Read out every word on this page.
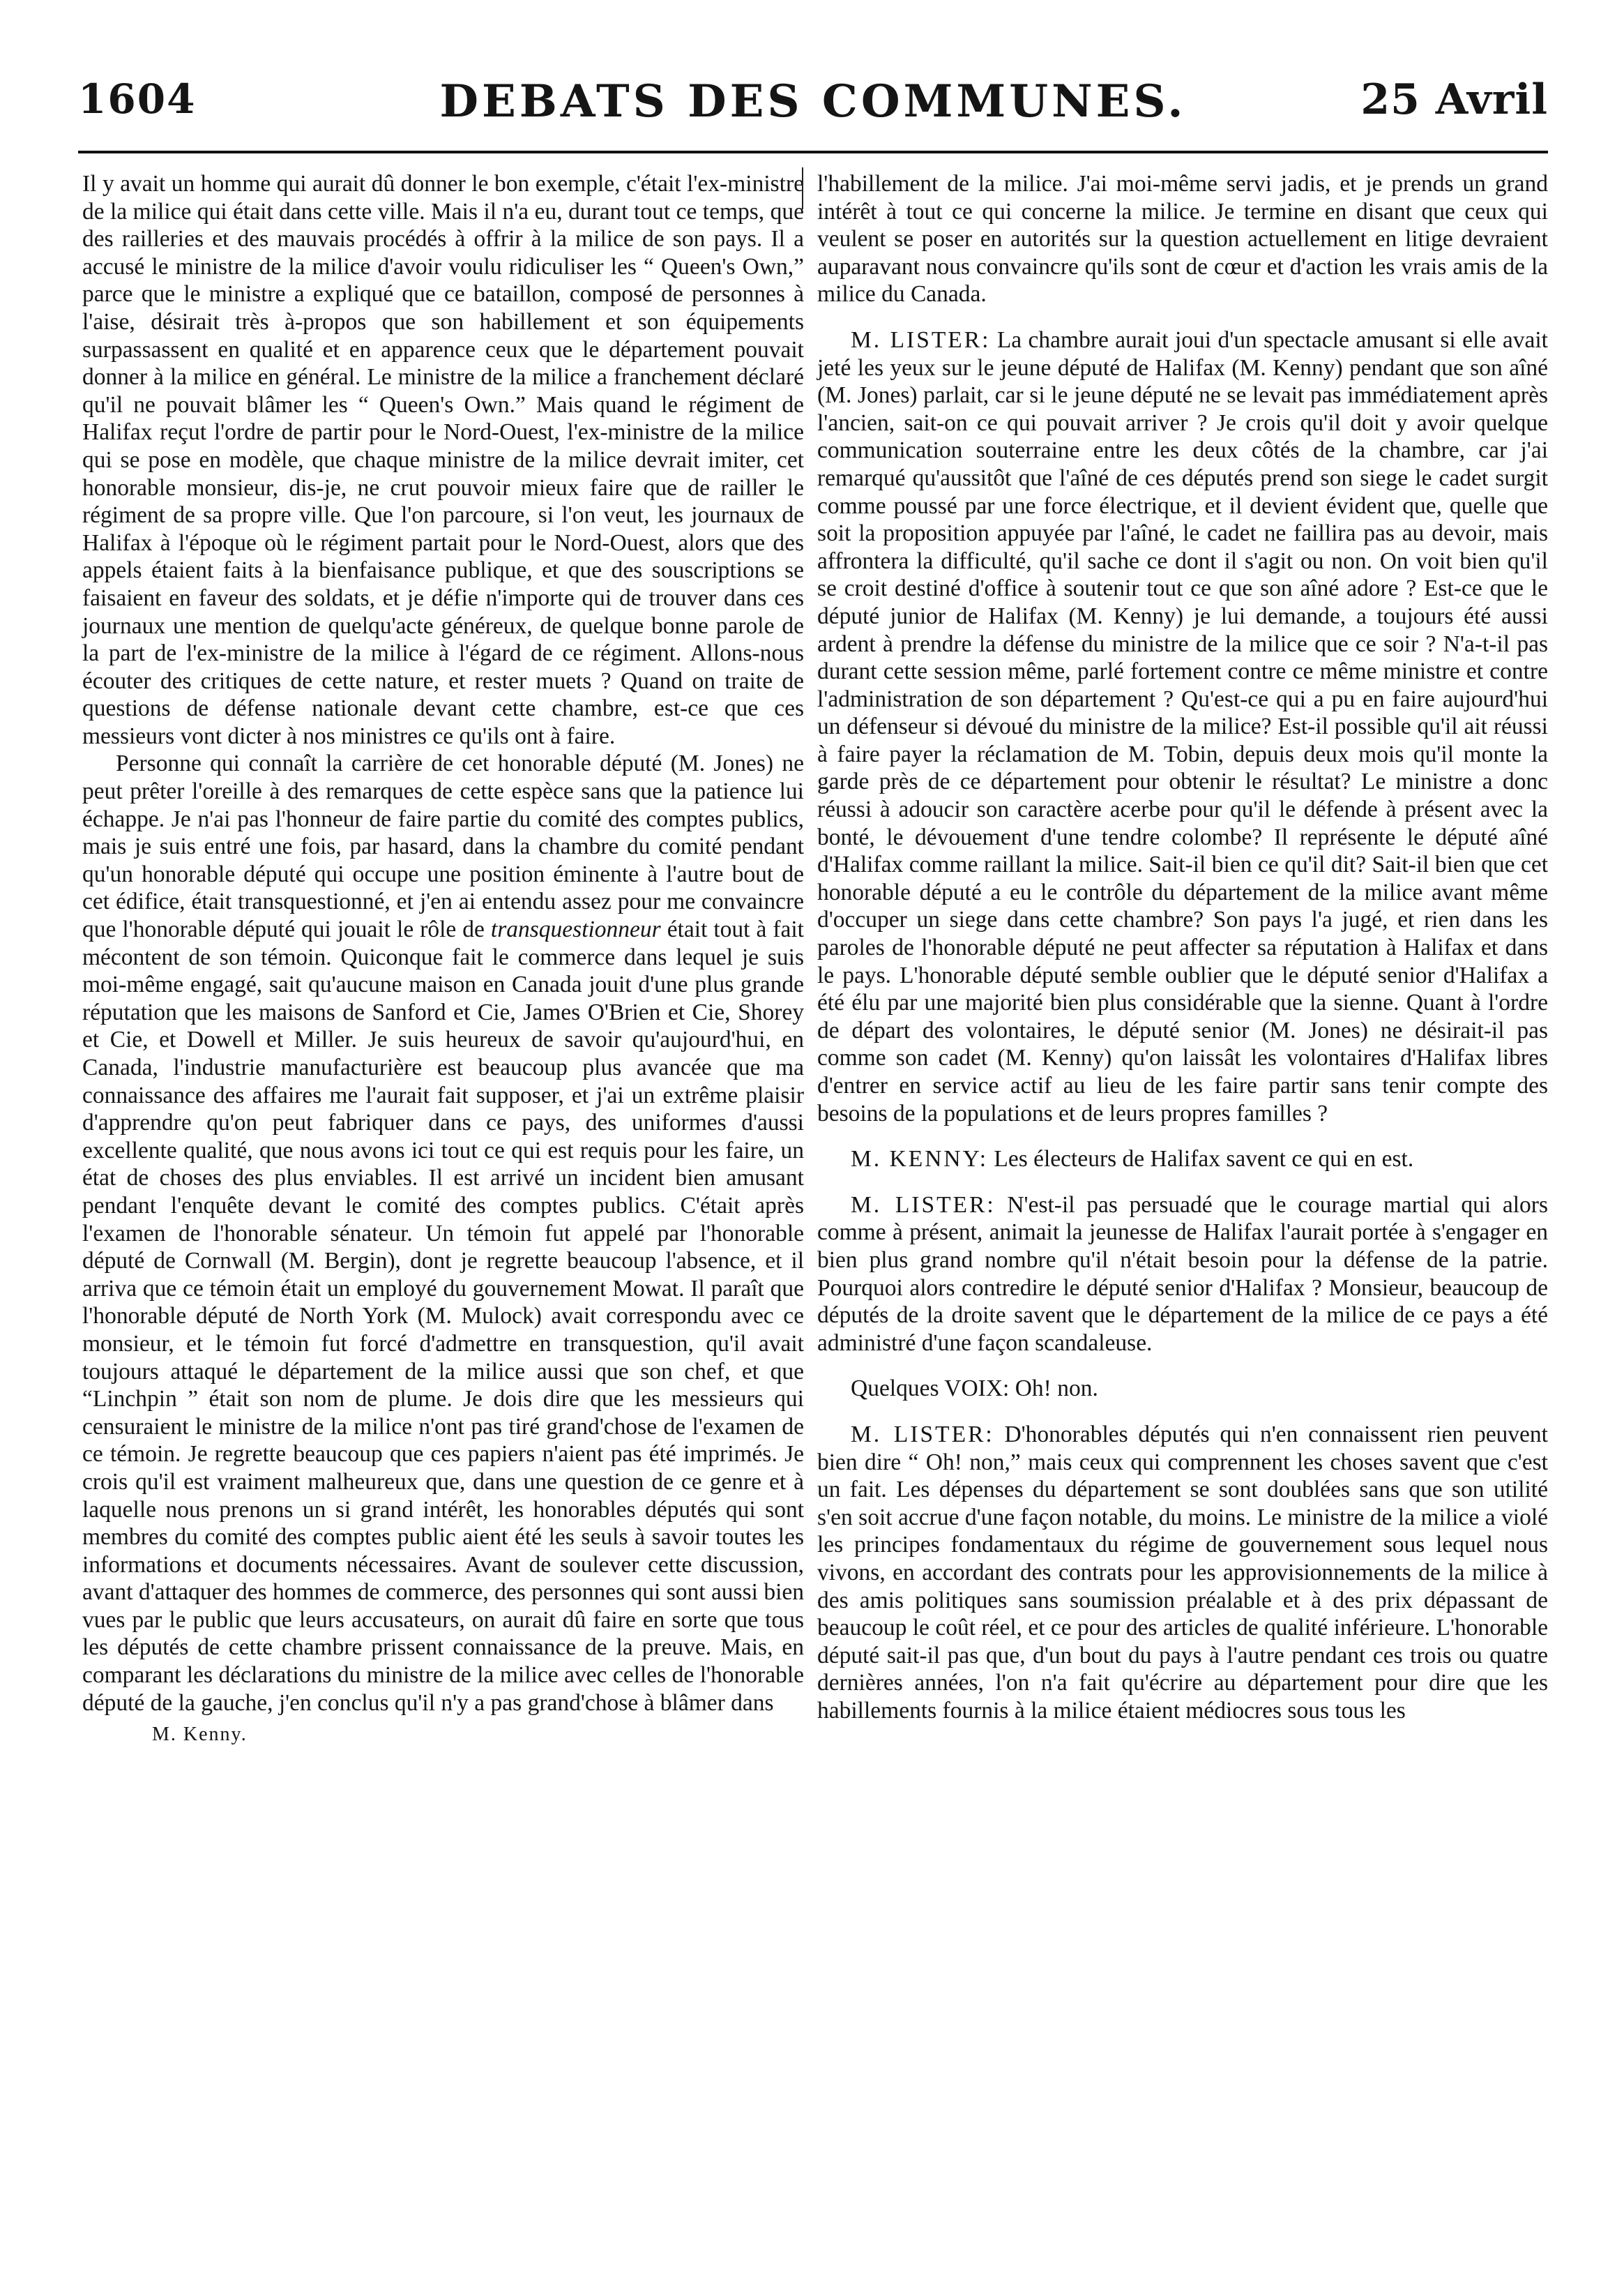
1604	DEBATS DES COMMUNES.	25 Avril

Il y avait un homme qui aurait dû donner le bon exemple, c'était l'ex-ministre de la milice qui était dans cette ville. Mais il n'a eu, durant tout ce temps, que des railleries et des mauvais procédés à offrir à la milice de son pays. Il a accusé le ministre de la milice d'avoir voulu ridiculiser les “ Queen's Own,” parce que le ministre a expliqué que ce bataillon, composé de personnes à l'aise, désirait très à-propos que son habillement et son équipements surpassassent en qualité et en apparence ceux que le département pouvait donner à la milice en général. Le ministre de la milice a franchement déclaré qu'il ne pouvait blâmer les “ Queen's Own.” Mais quand le régiment de Halifax reçut l'ordre de partir pour le Nord-Ouest, l'ex-ministre de la milice qui se pose en modèle, que chaque ministre de la milice devrait imiter, cet honorable monsieur, dis-je, ne crut pouvoir mieux faire que de railler le régiment de sa propre ville. Que l'on parcoure, si l'on veut, les journaux de Halifax à l'époque où le régiment partait pour le Nord-Ouest, alors que des appels étaient faits à la bienfaisance publique, et que des souscriptions se faisaient en faveur des soldats, et je défie n'importe qui de trouver dans ces journaux une mention de quelqu'acte généreux, de quelque bonne parole de la part de l'ex-ministre de la milice à l'égard de ce régiment. Allons-nous écouter des critiques de cette nature, et rester muets ? Quand on traite de questions de défense nationale devant cette chambre, est-ce que ces messieurs vont dicter à nos ministres ce qu'ils ont à faire.

Personne qui connaît la carrière de cet honorable député (M. Jones) ne peut prêter l'oreille à des remarques de cette espèce sans que la patience lui échappe. Je n'ai pas l'honneur de faire partie du comité des comptes publics, mais je suis entré une fois, par hasard, dans la chambre du comité pendant qu'un honorable député qui occupe une position éminente à l'autre bout de cet édifice, était transquestionné, et j'en ai entendu assez pour me convaincre que l'honorable député qui jouait le rôle de transquestionneur était tout à fait mécontent de son témoin. Quiconque fait le commerce dans lequel je suis moi-même engagé, sait qu'aucune maison en Canada jouit d'une plus grande réputation que les maisons de Sanford et Cie, James O'Brien et Cie, Shorey et Cie, et Dowell et Miller. Je suis heureux de savoir qu'aujourd'hui, en Canada, l'industrie manufacturière est beaucoup plus avancée que ma connaissance des affaires me l'aurait fait supposer, et j'ai un extrême plaisir d'apprendre qu'on peut fabriquer dans ce pays, des uniformes d'aussi excellente qualité, que nous avons ici tout ce qui est requis pour les faire, un état de choses des plus enviables. Il est arrivé un incident bien amusant pendant l'enquête devant le comité des comptes publics. C'était après l'examen de l'honorable sénateur. Un témoin fut appelé par l'honorable député de Cornwall (M. Bergin), dont je regrette beaucoup l'absence, et il arriva que ce témoin était un employé du gouvernement Mowat. Il paraît que l'honorable député de North York (M. Mulock) avait correspondu avec ce monsieur, et le témoin fut forcé d'admettre en transquestion, qu'il avait toujours attaqué le département de la milice aussi que son chef, et que “Linchpin ” était son nom de plume. Je dois dire que les messieurs qui censuraient le ministre de la milice n'ont pas tiré grand'chose de l'examen de ce témoin. Je regrette beaucoup que ces papiers n'aient pas été imprimés. Je crois qu'il est vraiment malheureux que, dans une question de ce genre et à laquelle nous prenons un si grand intérêt, les honorables députés qui sont membres du comité des comptes public aient été les seuls à savoir toutes les informations et documents nécessaires. Avant de soulever cette discussion, avant d'attaquer des hommes de commerce, des personnes qui sont aussi bien vues par le public que leurs accusateurs, on aurait dû faire en sorte que tous les députés de cette chambre prissent connaissance de la preuve. Mais, en comparant les déclarations du ministre de la milice avec celles de l'honorable député de la gauche, j'en conclus qu'il n'y a pas grand'chose à blâmer dans

M. Kenny.

l'habillement de la milice. J'ai moi-même servi jadis, et je prends un grand intérêt à tout ce qui concerne la milice. Je termine en disant que ceux qui veulent se poser en autorités sur la question actuellement en litige devraient auparavant nous convaincre qu'ils sont de cœur et d'action les vrais amis de la milice du Canada.

M. LISTER: La chambre aurait joui d'un spectacle amusant si elle avait jeté les yeux sur le jeune député de Halifax (M. Kenny) pendant que son aîné (M. Jones) parlait, car si le jeune député ne se levait pas immédiatement après l'ancien, sait-on ce qui pouvait arriver ? Je crois qu'il doit y avoir quelque communication souterraine entre les deux côtés de la chambre, car j'ai remarqué qu'aussitôt que l'aîné de ces députés prend son siege le cadet surgit comme poussé par une force électrique, et il devient évident que, quelle que soit la proposition appuyée par l'aîné, le cadet ne faillira pas au devoir, mais affrontera la difficulté, qu'il sache ce dont il s'agit ou non. On voit bien qu'il se croit destiné d'office à soutenir tout ce que son aîné adore ? Est-ce que le député junior de Halifax (M. Kenny) je lui demande, a toujours été aussi ardent à prendre la défense du ministre de la milice que ce soir ? N'a-t-il pas durant cette session même, parlé fortement contre ce même ministre et contre l'administration de son département ? Qu'est-ce qui a pu en faire aujourd'hui un défenseur si dévoué du ministre de la milice? Est-il possible qu'il ait réussi à faire payer la réclamation de M. Tobin, depuis deux mois qu'il monte la garde près de ce département pour obtenir le résultat? Le ministre a donc réussi à adoucir son caractère acerbe pour qu'il le défende à présent avec la bonté, le dévouement d'une tendre colombe? Il représente le député aîné d'Halifax comme raillant la milice. Sait-il bien ce qu'il dit? Sait-il bien que cet honorable député a eu le contrôle du département de la milice avant même d'occuper un siege dans cette chambre? Son pays l'a jugé, et rien dans les paroles de l'honorable député ne peut affecter sa réputation à Halifax et dans le pays. L'honorable député semble oublier que le député senior d'Halifax a été élu par une majorité bien plus considérable que la sienne. Quant à l'ordre de départ des volontaires, le député senior (M. Jones) ne désirait-il pas comme son cadet (M. Kenny) qu'on laissât les volontaires d'Halifax libres d'entrer en service actif au lieu de les faire partir sans tenir compte des besoins de la populations et de leurs propres familles ?

M. KENNY: Les électeurs de Halifax savent ce qui en est.

M. LISTER: N'est-il pas persuadé que le courage martial qui alors comme à présent, animait la jeunesse de Halifax l'aurait portée à s'engager en bien plus grand nombre qu'il n'était besoin pour la défense de la patrie. Pourquoi alors contredire le député senior d'Halifax ? Monsieur, beaucoup de députés de la droite savent que le département de la milice de ce pays a été administré d'une façon scandaleuse.

Quelques VOIX: Oh! non.

M. LISTER: D'honorables députés qui n'en connaissent rien peuvent bien dire “ Oh! non,” mais ceux qui comprennent les choses savent que c'est un fait. Les dépenses du département se sont doublées sans que son utilité s'en soit accrue d'une façon notable, du moins. Le ministre de la milice a violé les principes fondamentaux du régime de gouvernement sous lequel nous vivons, en accordant des contrats pour les approvisionnements de la milice à des amis politiques sans soumission préalable et à des prix dépassant de beaucoup le coût réel, et ce pour des articles de qualité inférieure. L'honorable député sait-il pas que, d'un bout du pays à l'autre pendant ces trois ou quatre dernières années, l'on n'a fait qu'écrire au département pour dire que les habillements fournis à la milice étaient médiocres sous tous les
